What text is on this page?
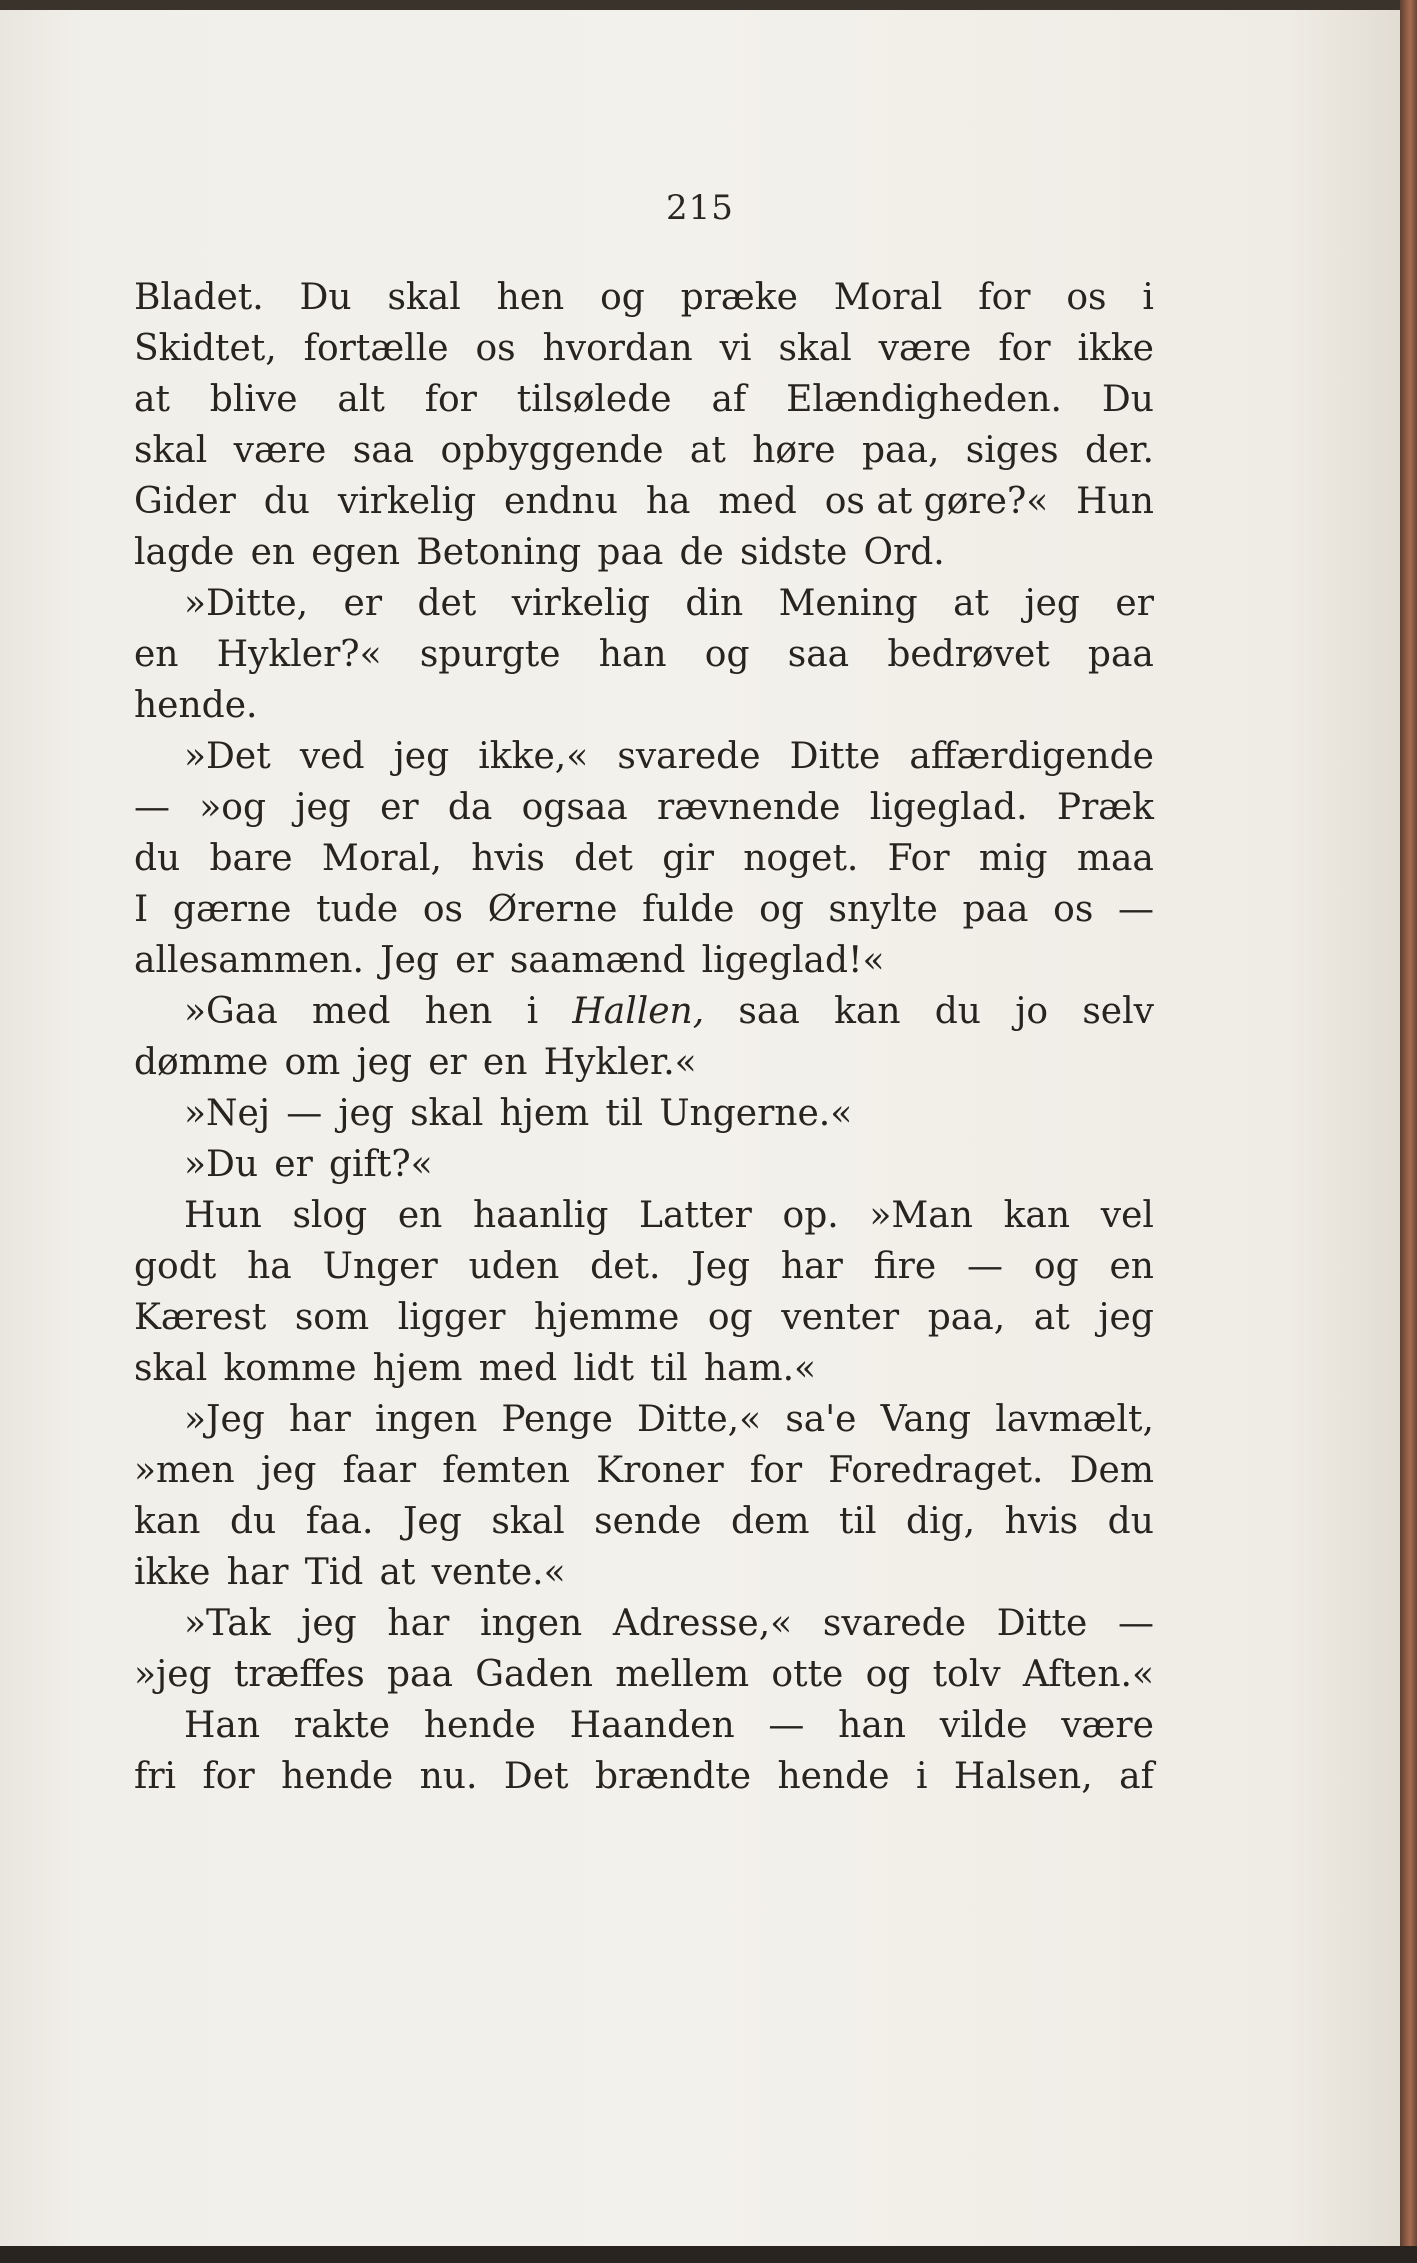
215
Bladet. Du skal hen og præke Moral for os i
Skidtet, fortælle os hvordan vi skal være for ikke
at blive alt for tilsølede af Elændigheden. Du
skal være saa opbyggende at høre paa, siges der.
Gider du virkelig endnu ha med os at gøre?« Hun
lagde en egen Betoning paa de sidste Ord.
»Ditte, er det virkelig din Mening at jeg er
en Hykler?« spurgte han og saa bedrøvet paa
hende.
»Det ved jeg ikke,« svarede Ditte affærdigende
— »og jeg er da ogsaa rævnende ligeglad. Præk
du bare Moral, hvis det gir noget. For mig maa
I gærne tude os Ørerne fulde og snylte paa os —
allesammen. Jeg er saamænd ligeglad!«
»Gaa med hen i Hallen, saa kan du jo selv
dømme om jeg er en Hykler.«
»Nej — jeg skal hjem til Ungerne.«
»Du er gift?«
Hun slog en haanlig Latter op. »Man kan vel
godt ha Unger uden det. Jeg har fire — og en
Kærest som ligger hjemme og venter paa, at jeg
skal komme hjem med lidt til ham.«
»Jeg har ingen Penge Ditte,« sa'e Vang lavmælt,
»men jeg faar femten Kroner for Foredraget. Dem
kan du faa. Jeg skal sende dem til dig, hvis du
ikke har Tid at vente.«
»Tak jeg har ingen Adresse,« svarede Ditte —
»jeg træffes paa Gaden mellem otte og tolv Aften.«
Han rakte hende Haanden — han vilde være
fri for hende nu. Det brændte hende i Halsen, af
